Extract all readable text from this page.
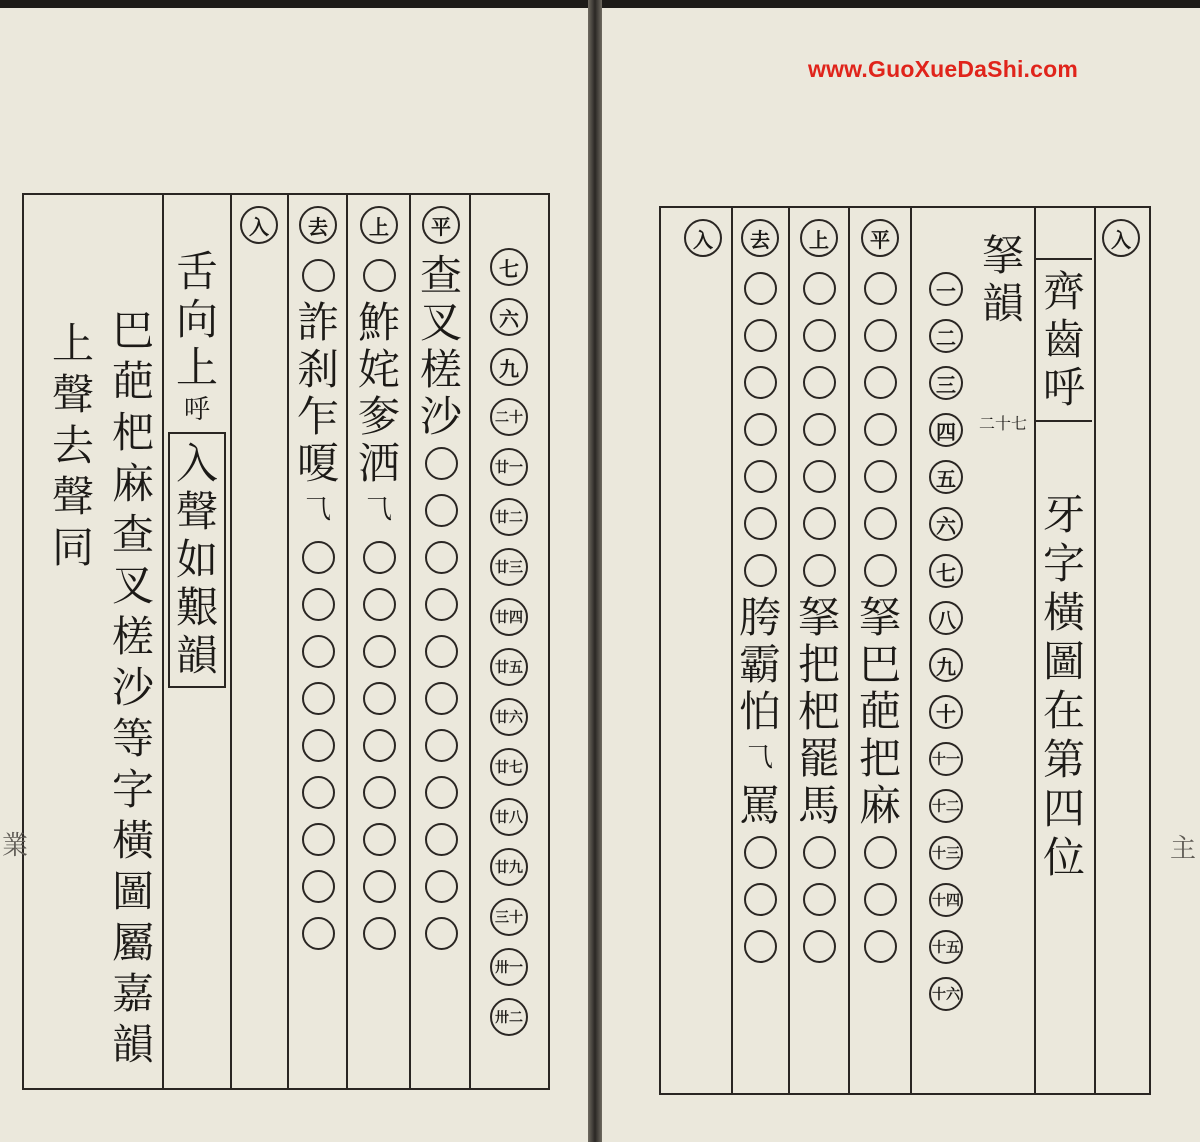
www.GuoXueDaShi.com
七
六
九
二十
廿一
廿二
廿三
廿四
廿五
廿六
廿七
廿八
廿九
三十
卅一
卅二
平
查
叉
槎
沙
上
鮓
姹
奓
洒
⺄
去
詐
刹
乍
嗄
⺄
入
舌
向
上
呼
入
聲
如
艱
韻
巴
葩
杷
麻
查
叉
槎
沙
等
字
橫
圖
屬
嘉
韻
上
聲
去
聲
同
業
入	去
胯
霸
怕
⺄
罵
上
拏
把
杷
罷
馬
平
拏
巴
葩
把
麻
一
二
三
四
五
六
七
八
九
十
十一
十二
十三
十四
十五
十六
拏
韻
二十七
齊
齒
呼
牙
字
橫
圖
在
第
四
位
入
主
